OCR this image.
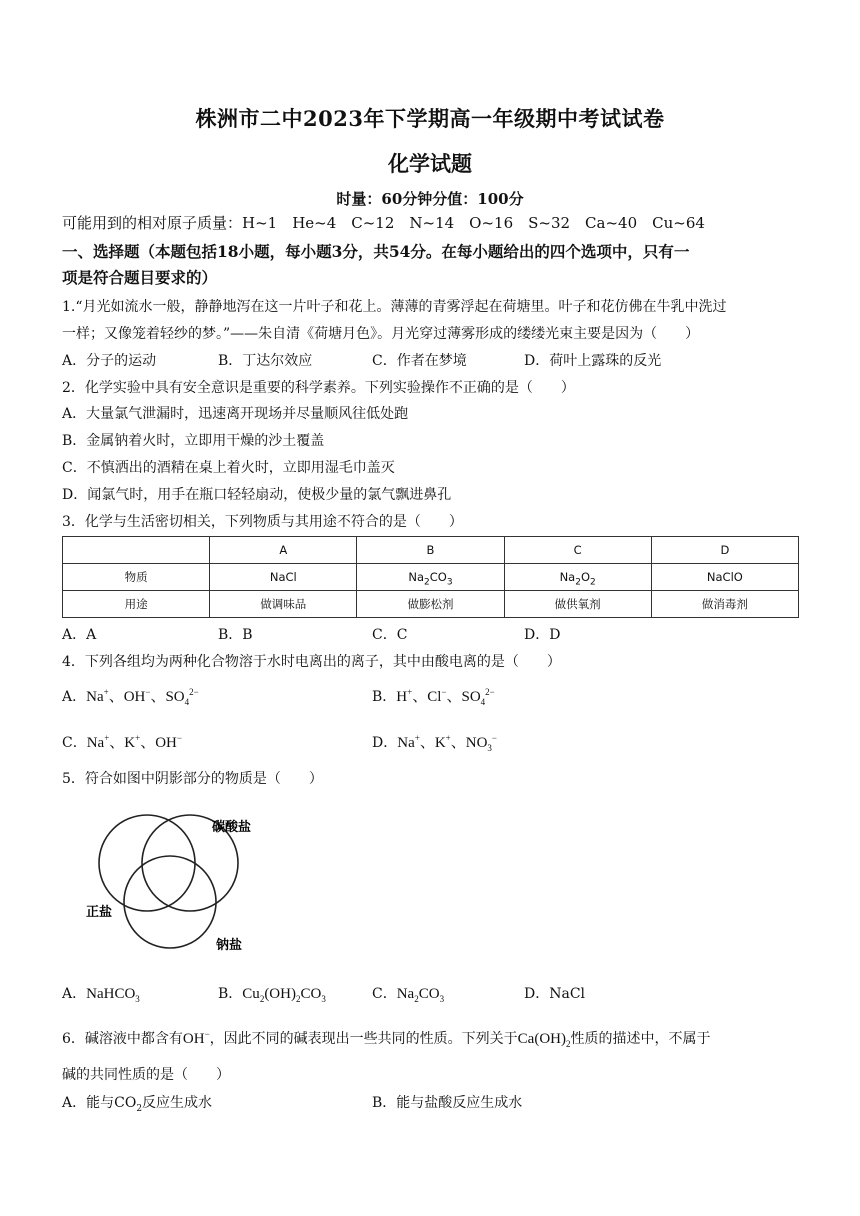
株洲市二中2023年下学期高一年级期中考试试卷
化学试题
时量：60分钟分值：100分
可能用到的相对原子质量：H~1　He~4　C~12　N~14　O~16　S~32　Ca~40　Cu~64
一、选择题（本题包括18小题，每小题3分，共54分。在每小题给出的四个选项中，只有一
项是符合题目要求的）
1.“月光如流水一般，静静地泻在这一片叶子和花上。薄薄的青雾浮起在荷塘里。叶子和花仿佛在牛乳中洗过
一样；又像笼着轻纱的梦。”——朱自清《荷塘月色》。月光穿过薄雾形成的缕缕光束主要是因为（　　）
A．分子的运动	B．丁达尔效应	C．作者在梦境	D．荷叶上露珠的反光
2．化学实验中具有安全意识是重要的科学素养。下列实验操作不正确的是（　　）
A．大量氯气泄漏时，迅速离开现场并尽量顺风往低处跑
B．金属钠着火时，立即用干燥的沙土覆盖
C．不慎洒出的酒精在桌上着火时，立即用湿毛巾盖灭
D．闻氯气时，用手在瓶口轻轻扇动，使极少量的氯气飘进鼻孔
3．化学与生活密切相关，下列物质与其用途不符合的是（　　）
	A	B	C	D
物质	NaCl	$Na_2CO_3$	$Na_2O_2$	NaClO
用途	做调味品	做膨松剂	做供氧剂	做消毒剂
A．A	B．B	C．C	D．D
4．下列各组均为两种化合物溶于水时电离出的离子，其中由酸电离的是（　　）
A．Na+、OH−、$SO_4^{2-}$	B．H+、Cl−、$SO_4^{2-}$
C．Na+、K+、OH−	D．Na+、K+、$NO_3^-$
5．符合如图中阴影部分的物质是（　　）
碳酸盐
正盐
钠盐
A．NaHCO$_3$	B．$Cu_2(OH)_2CO_3$	C．$Na_2CO_3$	D．NaCl
6．碱溶液中都含有OH−，因此不同的碱表现出一些共同的性质。下列关于$Ca(OH)_2$性质的描述中，不属于
碱的共同性质的是（　　）
A．能与$CO_2$反应生成水	B．能与盐酸反应生成水
